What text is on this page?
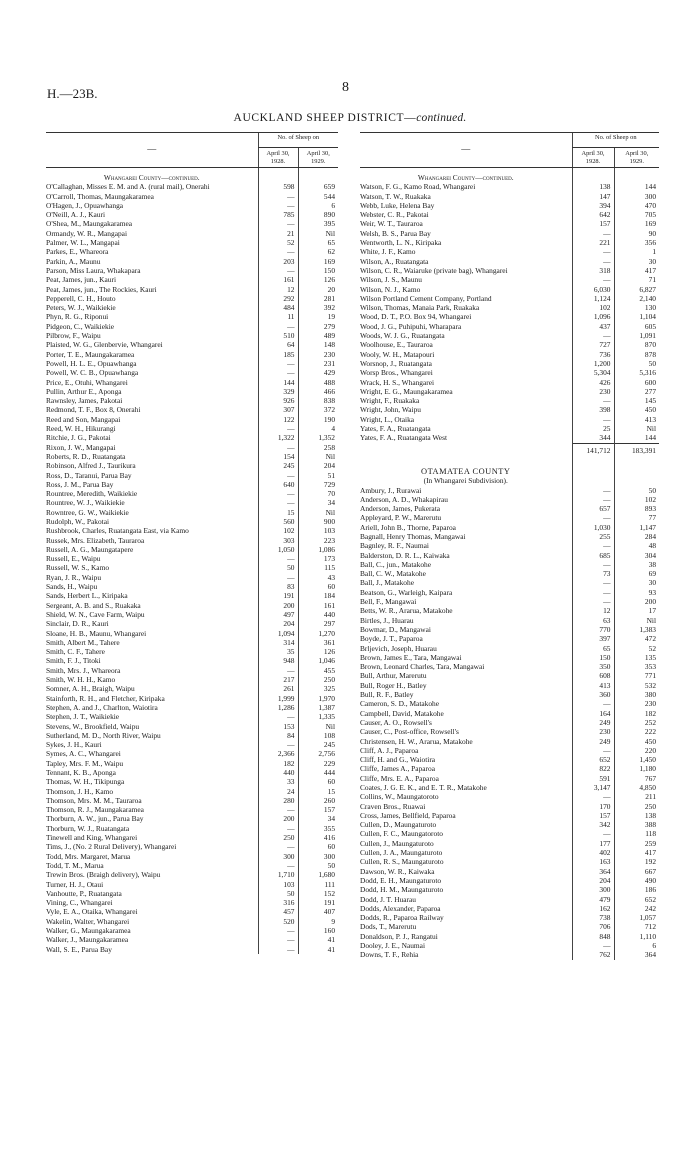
H.—23B.	8
AUCKLAND SHEEP DISTRICT—continued.
—	No. of Sheep on	
	April 30,
1928.	April 30,
1929.
Whangarei County—continued.		
O'Callaghan, Misses E. M. and A. (rural mail), Onerahi	598	659
O'Carroll, Thomas, Maungakaramea	—	544
O'Hagen, J., Opuawhanga	—	6
O'Neill, A. J., Kauri	785	890
O'Shea, M., Maungakaramea	—	395
Ormandy, W. R., Mangapai	21	Nil
Palmer, W. L., Mangapai	52	65
Parkes, E., Whareora	—	62
Parkin, A., Maunu	203	169
Parson, Miss Laura, Whakapara	—	150
Peat, James, jun., Kauri	161	126
Peat, James, jun., The Rockies, Kauri	12	20
Pepperell, C. H., Houto	292	281
Peters, W. J., Waikiekie	484	392
Phyn, R. G., Riponui	11	19
Pidgeon, C., Waikiekie	—	279
Pilbrow, F., Waipu	510	489
Plaisted, W. G., Glenbervie, Whangarei	64	148
Porter, T. E., Maungakaramea	185	230
Powell, H. L. E., Opuawhanga	—	231
Powell, W. C. B., Opuawhanga	—	429
Price, E., Otuhi, Whangarei	144	488
Pullin, Arthur E., Aponga	329	466
Rawnsley, James, Pakotai	926	838
Redmond, T. F., Box 8, Onerahi	307	372
Reed and Son, Mangapai	122	190
Reed, W. H., Hikurangi	—	4
Ritchie, J. G., Pakotai	1,322	1,352
Rixon, J. W., Mangapai	—	258
Roberts, R. D., Ruatangata	154	Nil
Robinson, Alfred J., Taurikura	245	204
Ross, D., Taranui, Parua Bay	—	51
Ross, J. M., Parua Bay	640	729
Rountree, Meredith, Waikiekie	—	70
Rountree, W. J., Waikiekie	—	34
Rowntree, G. W., Waikiekie	15	Nil
Rudolph, W., Pakotai	560	900
Rushbrook, Charles, Ruatangata East, via Kamo	102	103
Russek, Mrs. Elizabeth, Tauraroa	303	223
Russell, A. G., Maungatapere	1,050	1,086
Russell, E., Waipu	—	173
Russell, W. S., Kamo	50	115
Ryan, J. R., Waipu	—	43
Sands, H., Waipu	83	60
Sands, Herbert L., Kiripaka	191	184
Sergeant, A. B. and S., Ruakaka	200	161
Shield, W. N., Cave Farm, Waipu	497	440
Sinclair, D. R., Kauri	204	297
Sloane, H. B., Maunu, Whangarei	1,094	1,270
Smith, Albert M., Tahere	314	361
Smith, C. F., Tahere	35	126
Smith, F. J., Titoki	948	1,046
Smith, Mrs. J., Whareora	—	455
Smith, W. H. H., Kamo	217	250
Somner, A. H., Braigh, Waipu	261	325
Stainforth, R. H., and Fletcher, Kiripaka	1,999	1,970
Stephen, A. and J., Charlton, Waiotira	1,286	1,387
Stephen, J. T., Waikiekie	—	1,335
Stevens, W., Brookfield, Waipu	153	Nil
Sutherland, M. D., North River, Waipu	84	108
Sykes, J. H., Kauri	—	245
Symes, A. C., Whangarei	2,366	2,756
Tapley, Mrs. F. M., Waipu	182	229
Tennant, K. B., Aponga	440	444
Thomas, W. H., Tikipunga	33	60
Thomson, J. H., Kamo	24	15
Thomson, Mrs. M. M., Tauraroa	280	260
Thomson, R. J., Maungakaramea	—	157
Thorburn, A. W., jun., Parua Bay	200	34
Thorburn, W. J., Ruatangata	—	355
Tinewell and King, Whangarei	250	416
Tims, J., (No. 2 Rural Delivery), Whangarei	—	60
Todd, Mrs. Margaret, Marua	300	300
Todd, T. M., Marua	—	50
Trewin Bros. (Braigh delivery), Waipu	1,710	1,680
Turner, H. J., Otaui	103	111
Vanhoutte, P., Ruatangata	50	152
Vining, C., Whangarei	316	191
Vyle, E. A., Otaika, Whangarei	457	407
Wakelin, Walter, Whangarei	520	9
Walker, G., Maungakaramea	—	160
Walker, J., Maungakaramea	—	41
Wall, S. E., Parua Bay	—	41
—	No. of Sheep on	
	April 30,
1928.	April 30,
1929.
Whangarei County—continued.		
Watson, F. G., Kamo Road, Whangarei	138	144
Watson, T. W., Ruakaka	147	300
Webb, Luke, Helena Bay	394	470
Webster, C. R., Pakotai	642	705
Weir, W. T., Tauraroa	157	169
Welsh, B. S., Parua Bay	—	90
Wentworth, L. N., Kiripaka	221	356
White, J. F., Kamo	—	1
Wilson, A., Ruatangata	—	30
Wilson, C. R., Waiaruke (private bag), Whangarei	318	417
Wilson, J. S., Maunu	—	71
Wilson, N. J., Kamo	6,030	6,827
Wilson Portland Cement Company, Portland	1,124	2,140
Wilson, Thomas, Manaia Park, Ruakaka	102	130
Wood, D. T., P.O. Box 94, Whangarei	1,096	1,104
Wood, J. G., Puhipuhi, Wharapara	437	605
Woods, W. J. G., Ruatangata	—	1,091
Woolhouse, E., Tauraroa	727	870
Wooly, W. H., Matapouri	736	878
Worsnop, J., Ruatangata	1,200	50
Worsp Bros., Whangarei	5,304	5,316
Wrack, H. S., Whangarei	426	600
Wright, E. G., Maungakaramea	230	277
Wright, F., Ruakaka	—	145
Wright, John, Waipu	398	450
Wright, L., Otaika	—	413
Yates, F. A., Ruatangata	25	Nil
Yates, F. A., Ruatangata West	344	144
	141,712	183,391
OTAMATEA COUNTY		
(In Whangarei Subdivision).		
Ambury, J., Rurawai	—	50
Anderson, A. D., Whakapirau	—	102
Anderson, James, Pukerata	657	893
Appleyard, P. W., Marerutu	—	77
Ariell, John B., Thorne, Paparoa	1,030	1,147
Bagnall, Henry Thomas, Mangawai	255	284
Bagnley, R. F., Naumai	—	48
Balderston, D. R. L., Kaiwaka	685	304
Ball, C., jun., Matakohe	—	38
Ball, C. W., Matakohe	73	69
Ball, J., Matakohe	—	30
Beatson, G., Warleigh, Kaipara	—	93
Bell, F., Mangawai	—	200
Betts, W. R., Ararua, Matakohe	12	17
Birtles, J., Huarau	63	Nil
Bowmar, D., Mangawai	770	1,383
Boyde, J. T., Paparoa	397	472
Brljevich, Joseph, Huarau	65	52
Brown, James E., Tara, Mangawai	150	135
Brown, Leonard Charles, Tara, Mangawai	350	353
Bull, Arthur, Marerutu	608	771
Bull, Roger H., Batley	413	532
Bull, R. F., Batley	360	380
Cameron, S. D., Matakohe	—	230
Campbell, David, Matakohe	164	182
Causer, A. O., Rowsell's	249	252
Causer, C., Post-office, Rowsell's	230	222
Christensen, H. W., Ararua, Matakohe	249	450
Cliff, A. J., Paparoa	—	220
Cliff, H. and G., Waiotira	652	1,450
Cliffe, James A., Paparoa	822	1,180
Cliffe, Mrs. E. A., Paparoa	591	767
Coates, J. G. E. K., and E. T. R., Matakohe	3,147	4,850
Collins, W., Maungatoroto	—	211
Craven Bros., Ruawai	170	250
Cross, James, Bellfield, Paparoa	157	138
Cullen, D., Maungaturoto	342	388
Cullen, F. C., Maungatoroto	—	118
Cullen, J., Maungaturoto	177	259
Cullen, J. A., Maungaturoto	402	417
Cullen, R. S., Maungaturoto	163	192
Dawson, W. R., Kaiwaka	364	667
Dodd, E. H., Maungaturoto	204	490
Dodd, H. M., Maungaturoto	300	186
Dodd, J. T. Huarau	479	652
Dodds, Alexander, Paparoa	162	242
Dodds, R., Paparoa Railway	738	1,057
Dods, T., Marerutu	706	712
Donaldson, P. J., Rangatui	848	1,110
Dooley, J. E., Naumai	—	6
Downs, T. F., Rehia	762	364
